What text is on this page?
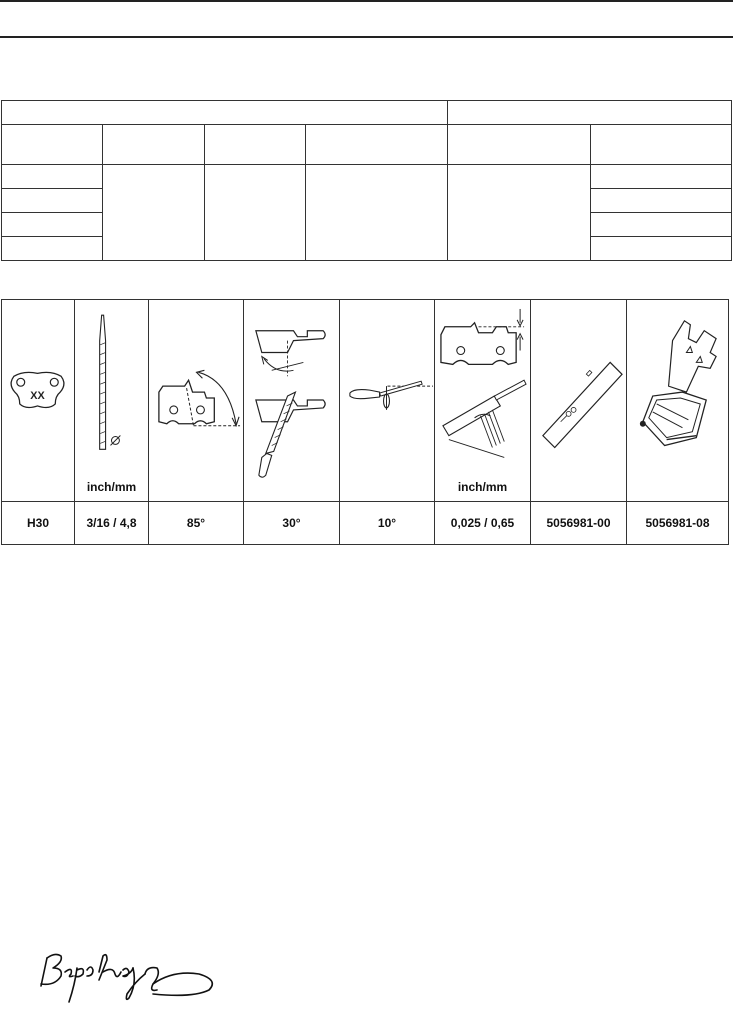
XX	inch/mm				inch/mm

H30	3/16 / 4,8	85°	30°	10°	0,025 / 0,65	5056981-00	5056981-08
